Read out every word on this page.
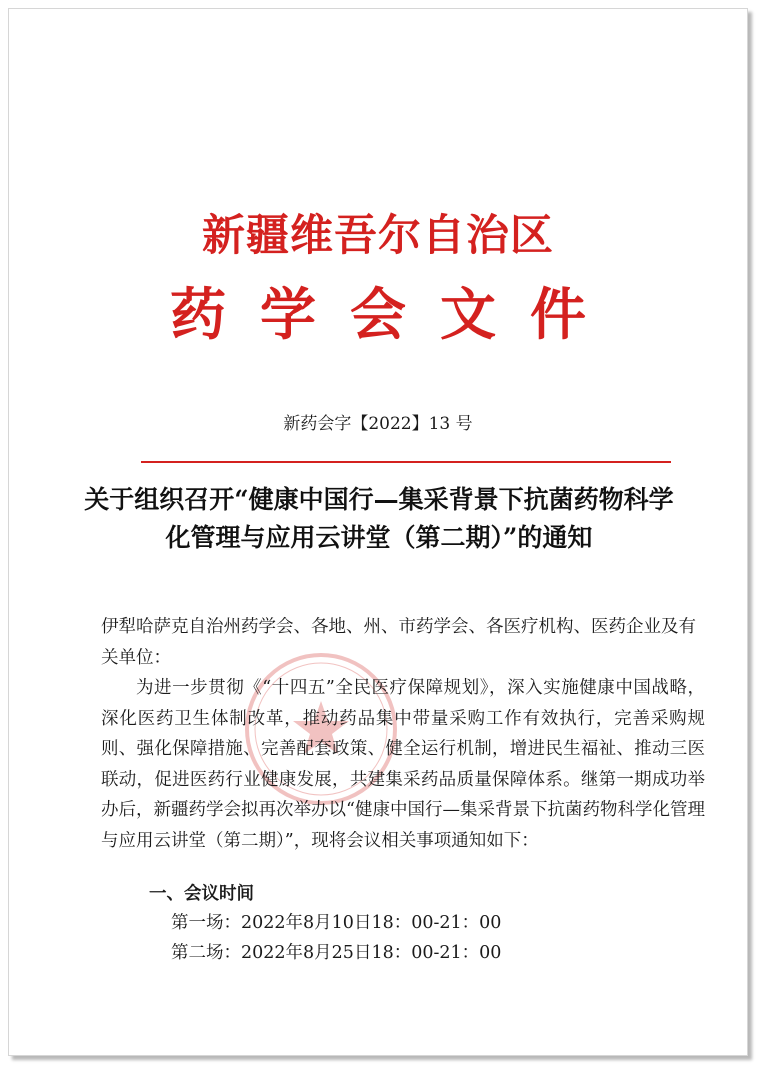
新疆维吾尔自治区
药学会文件
新药会字【2022】13 号
关于组织召开“健康中国行—集采背景下抗菌药物科学化管理与应用云讲堂（第二期）”的通知
伊犁哈萨克自治州药学会、各地、州、市药学会、各医疗机构、医药企业及有关单位：
为进一步贯彻《“十四五”全民医疗保障规划》，深入实施健康中国战略，深化医药卫生体制改革，推动药品集中带量采购工作有效执行，完善采购规则、强化保障措施、完善配套政策、健全运行机制，增进民生福祉、推动三医联动，促进医药行业健康发展，共建集采药品质量保障体系。继第一期成功举办后，新疆药学会拟再次举办以“健康中国行—集采背景下抗菌药物科学化管理与应用云讲堂（第二期）”，现将会议相关事项通知如下：
一、会议时间
第一场：2022年8月10日18：00-21：00
第二场：2022年8月25日18：00-21：00
